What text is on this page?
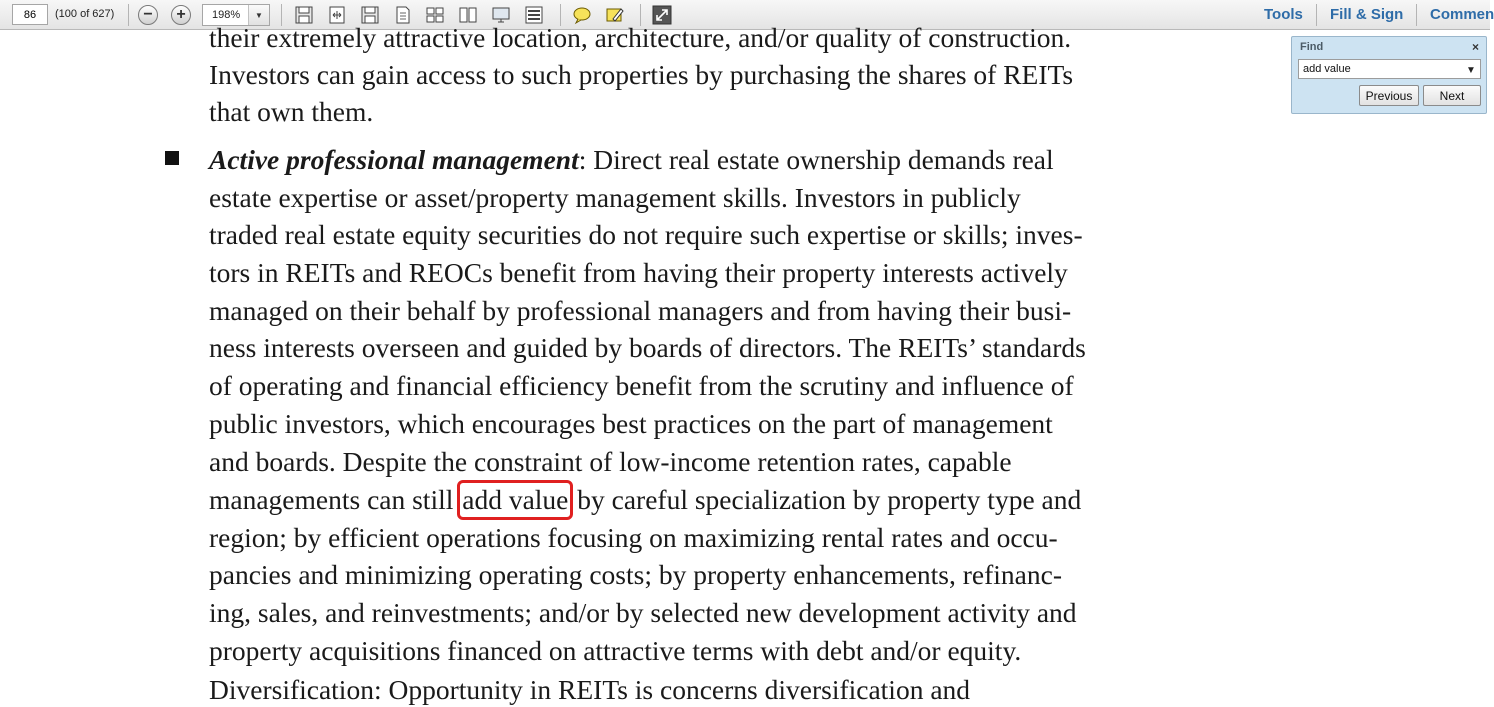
86
(100 of 627)	−	+	198%	▼	Tools Fill & Sign Commen
their extremely attractive location, architecture, and/or quality of construction.
Investors can gain access to such properties by purchasing the shares of REITs
that own them.
Active professional management: Direct real estate ownership demands real
estate expertise or asset/property management skills. Investors in publicly
traded real estate equity securities do not require such expertise or skills; inves-
tors in REITs and REOCs benefit from having their property interests actively
managed on their behalf by professional managers and from having their busi-
ness interests overseen and guided by boards of directors. The REITs’ standards
of operating and financial efficiency benefit from the scrutiny and influence of
public investors, which encourages best practices on the part of management
and boards. Despite the constraint of low-income retention rates, capable
managements can still add value by careful specialization by property type and
region; by efficient operations focusing on maximizing rental rates and occu-
pancies and minimizing operating costs; by property enhancements, refinanc-
ing, sales, and reinvestments; and/or by selected new development activity and
property acquisitions financed on attractive terms with debt and/or equity.
Diversification: Opportunity in REITs is concerns diversification and
Find	×
add value
▼
Previous	Next
